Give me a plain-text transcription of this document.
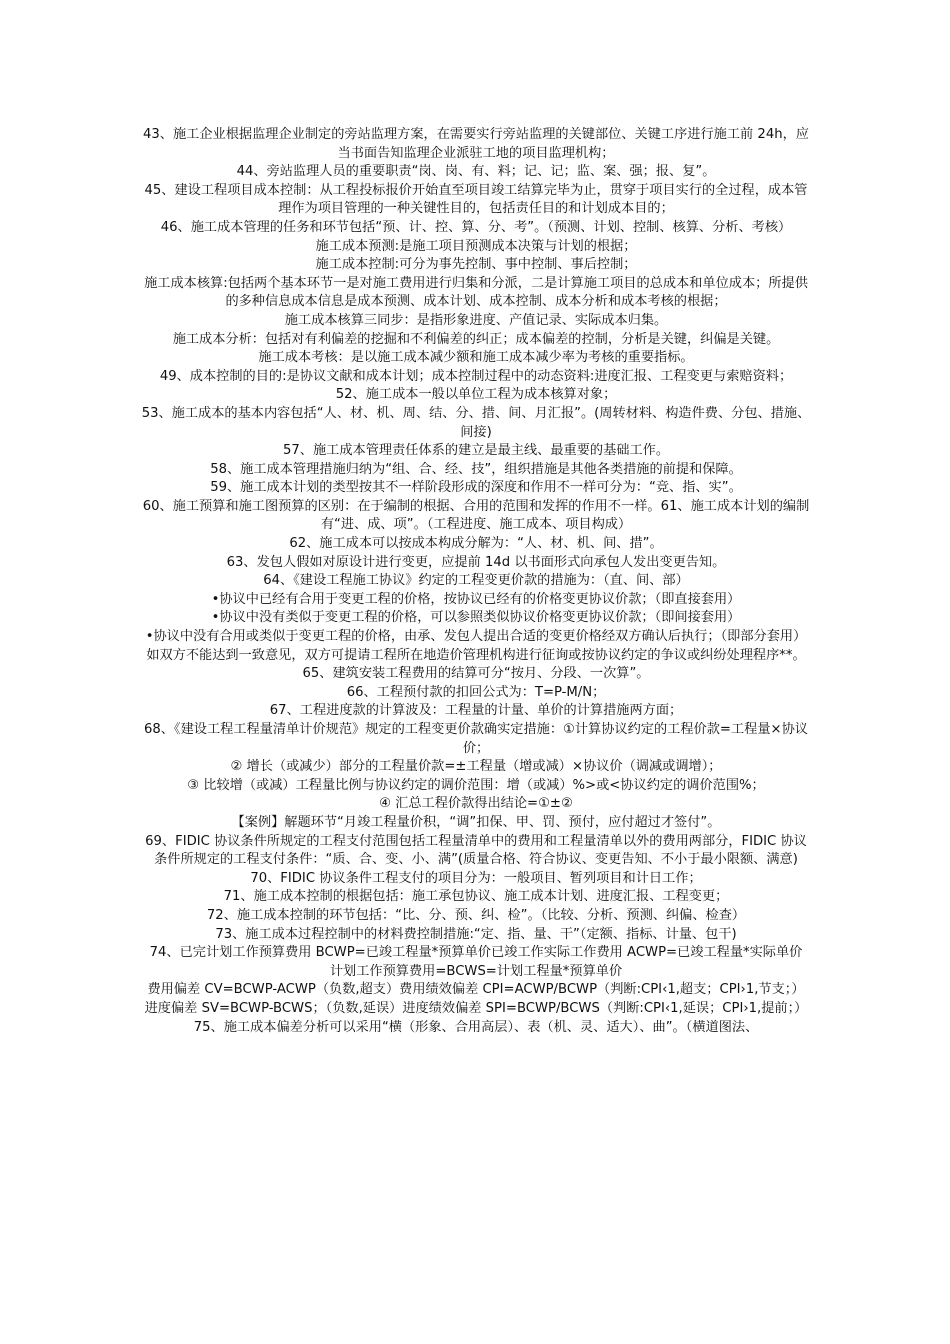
43、施工企业根据监理企业制定的旁站监理方案，在需要实行旁站监理的关键部位、关键工序进行施工前 24h，应当书面告知监理企业派驻工地的项目监理机构；

44、旁站监理人员的重要职责“岗、岗、有、料；记、记；监、案、强；报、复”。

45、建设工程项目成本控制：从工程投标报价开始直至项目竣工结算完毕为止，贯穿于项目实行的全过程，成本管理作为项目管理的一种关键性目的，包括责任目的和计划成本目的；

46、施工成本管理的任务和环节包括“预、计、控、算、分、考”。（预测、计划、控制、核算、分析、考核）

施工成本预测:是施工项目预测成本决策与计划的根据；

施工成本控制:可分为事先控制、事中控制、事后控制；

施工成本核算:包括两个基本环节一是对施工费用进行归集和分派，二是计算施工项目的总成本和单位成本；所提供的多种信息成本信息是成本预测、成本计划、成本控制、成本分析和成本考核的根据；

施工成本核算三同步：是指形象进度、产值记录、实际成本归集。

施工成本分析：包括对有利偏差的挖掘和不利偏差的纠正；成本偏差的控制，分析是关键，纠偏是关键。

施工成本考核：是以施工成本减少额和施工成本减少率为考核的重要指标。

49、成本控制的目的:是协议文献和成本计划；成本控制过程中的动态资料:进度汇报、工程变更与索赔资料；

52、施工成本一般以单位工程为成本核算对象；

53、施工成本的基本内容包括“人、材、机、周、结、分、措、间、月汇报”。(周转材料、构造件费、分包、措施、间接)

57、施工成本管理责任体系的建立是最主线、最重要的基础工作。

58、施工成本管理措施归纳为“组、合、经、技”，组织措施是其他各类措施的前提和保障。

59、施工成本计划的类型按其不一样阶段形成的深度和作用不一样可分为：“竞、指、实”。

60、施工预算和施工图预算的区别：在于编制的根据、合用的范围和发挥的作用不一样。61、施工成本计划的编制有“进、成、项”。（工程进度、施工成本、项目构成）

62、施工成本可以按成本构成分解为：“人、材、机、间、措”。

63、发包人假如对原设计进行变更，应提前 14d 以书面形式向承包人发出变更告知。

64、《建设工程施工协议》约定的工程变更价款的措施为：（直、间、部）

•协议中已经有合用于变更工程的价格，按协议已经有的价格变更协议价款；（即直接套用）

•协议中没有类似于变更工程的价格，可以参照类似协议价格变更协议价款；（即间接套用）

•协议中没有合用或类似于变更工程的价格，由承、发包人提出合适的变更价格经双方确认后执行；（即部分套用）

如双方不能达到一致意见，双方可提请工程所在地造价管理机构进行征询或按协议约定的争议或纠纷处理程序**。

65、建筑安装工程费用的结算可分“按月、分段、一次算”。

66、工程预付款的扣回公式为：T=P-M/N；

67、工程进度款的计算波及：工程量的计量、单价的计算措施两方面；

68、《建设工程工程量清单计价规范》规定的工程变更价款确实定措施：①计算协议约定的工程价款=工程量×协议价；

② 增长（或减少）部分的工程量价款=±工程量（增或减）×协议价（调减或调增）；

③ 比较增（或减）工程量比例与协议约定的调价范围：增（或减）%>或<协议约定的调价范围%；

④ 汇总工程价款得出结论=①±②

【案例】解题环节“月竣工程量价积，“调”扣保、甲、罚、预付，应付超过才签付”。

69、FIDIC 协议条件所规定的工程支付范围包括工程量清单中的费用和工程量清单以外的费用两部分，FIDIC 协议条件所规定的工程支付条件：“质、合、变、小、满”(质量合格、符合协议、变更告知、不小于最小限额、满意)

70、FIDIC 协议条件工程支付的项目分为：一般项目、暂列项目和计日工作；

71、施工成本控制的根据包括：施工承包协议、施工成本计划、进度汇报、工程变更；

72、施工成本控制的环节包括：“比、分、预、纠、检”。（比较、分析、预测、纠偏、检查）

73、施工成本过程控制中的材料费控制措施:“定、指、量、干”（定额、指标、计量、包干)

74、已完计划工作预算费用 BCWP=已竣工程量*预算单价已竣工作实际工作费用 ACWP=已竣工程量*实际单价

计划工作预算费用=BCWS=计划工程量*预算单价

费用偏差 CV=BCWP-ACWP（负数,超支）费用绩效偏差 CPI=ACWP/BCWP（判断:CPI‹1,超支；CPI›1,节支；）

进度偏差 SV=BCWP-BCWS；（负数,延误）进度绩效偏差 SPI=BCWP/BCWS（判断:CPI‹1,延误；CPI›1,提前；）

75、施工成本偏差分析可以采用“横（形象、合用高层）、表（机、灵、适大）、曲”。（横道图法、
